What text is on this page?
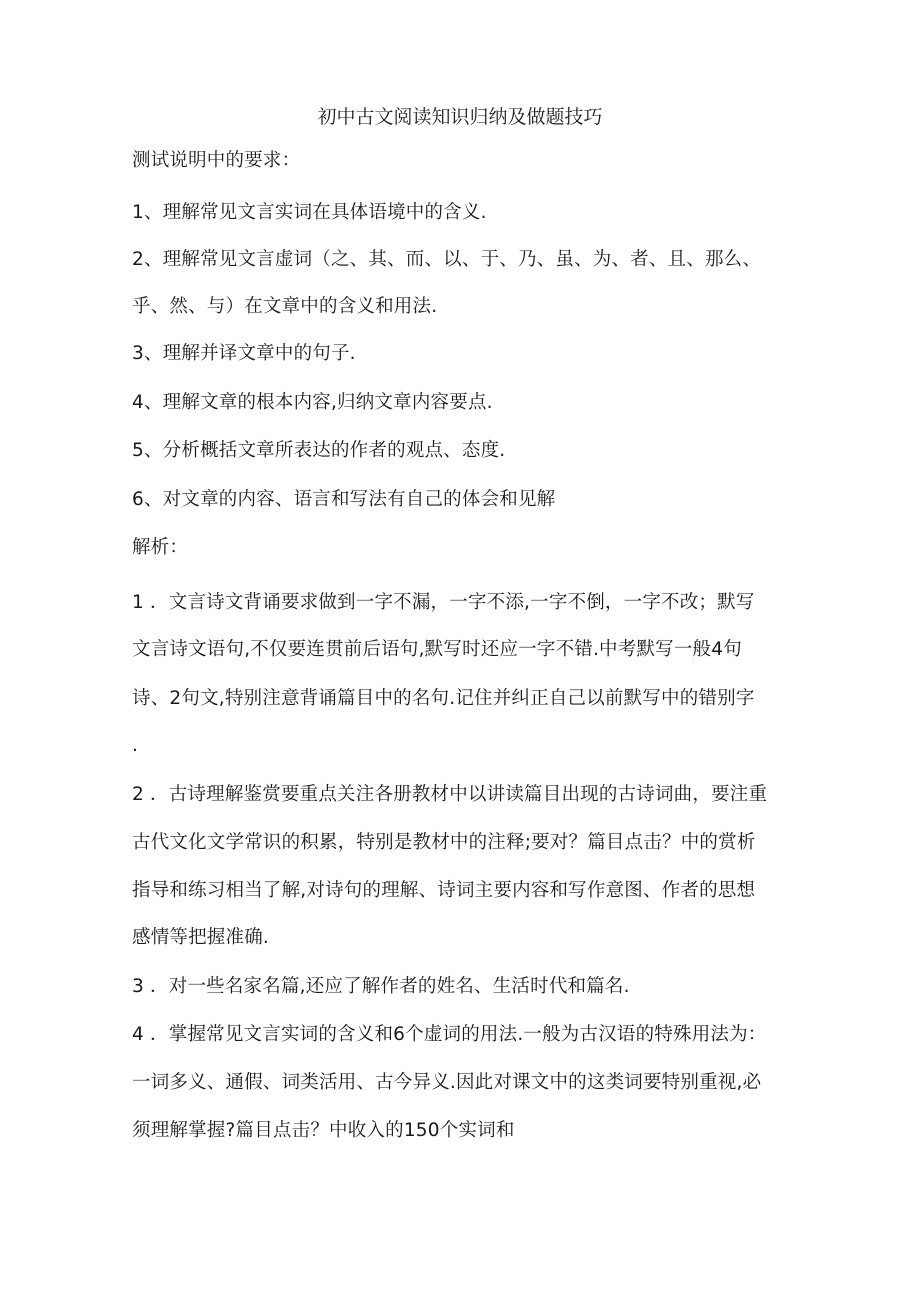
初中古文阅读知识归纳及做题技巧
测试说明中的要求：
1、理解常见文言实词在具体语境中的含义.
2、理解常见文言虚词（之、其、而、以、于、乃、虽、为、者、且、那么、
乎、然、与）在文章中的含义和用法.
3、理解并译文章中的句子.
4、理解文章的根本内容,归纳文章内容要点.
5、分析概括文章所表达的作者的观点、态度.
6、对文章的内容、语言和写法有自己的体会和见解
解析：
1 ．文言诗文背诵要求做到一字不漏，一字不添,一字不倒，一字不改；默写
文言诗文语句,不仅要连贯前后语句,默写时还应一字不错.中考默写一般4句
诗、2句文,特别注意背诵篇目中的名句.记住并纠正自己以前默写中的错别字
.
2 ．古诗理解鉴赏要重点关注各册教材中以讲读篇目出现的古诗词曲，要注重
古代文化文学常识的积累，特别是教材中的注释;要对？篇目点击？中的赏析
指导和练习相当了解,对诗句的理解、诗词主要内容和写作意图、作者的思想
感情等把握准确.
3 ．对一些名家名篇,还应了解作者的姓名、生活时代和篇名.
4 ．掌握常见文言实词的含义和6个虚词的用法.一般为古汉语的特殊用法为：
一词多义、通假、词类活用、古今异义.因此对课文中的这类词要特别重视,必
须理解掌握?篇目点击？中收入的150个实词和
